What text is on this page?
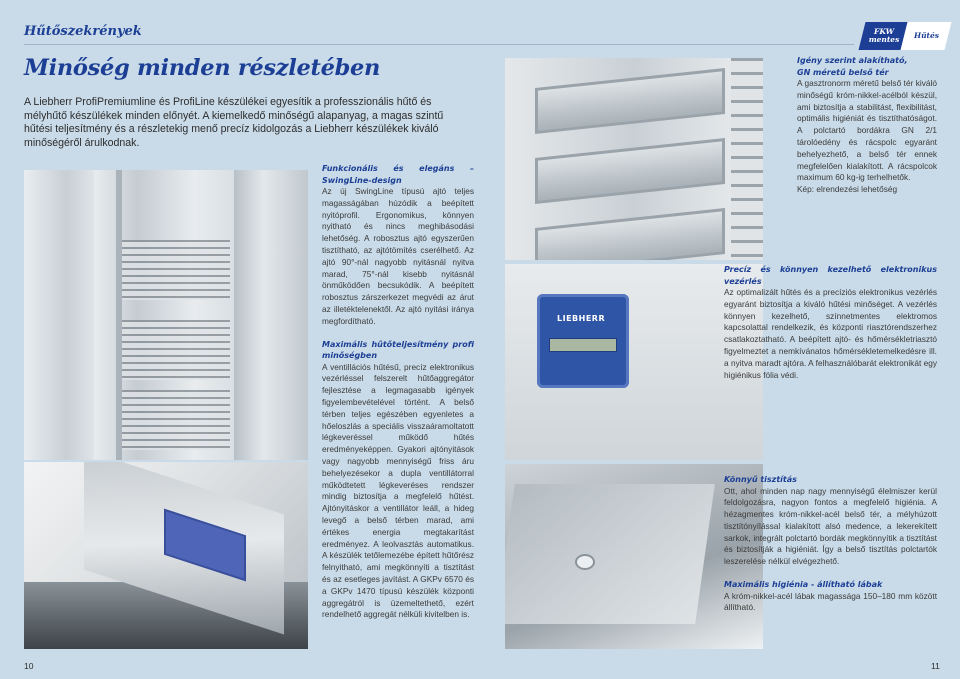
Hűtőszekrények	FKW mentes	Hűtés
Minőség minden részletében
A Liebherr ProfiPremiumline és ProfiLine készülékei egyesítik a professzionális hűtő és mélyhűtő készülékek minden előnyét. A kiemelkedő minőségű alapanyag, a magas szintű hűtési teljesítmény és a részletekig menő precíz kidolgozás a Liebherr készülékek kiváló minőségéről árulkodnak.
Funkcionális és elegáns – SwingLine-design

Az új SwingLine típusú ajtó teljes magasságában húzódik a beépített nyitóprofil. Ergonomikus, könnyen nyitható és nincs meghibásodási lehetőség. A robosztus ajtó egyszerűen tisztítható, az ajtótömítés cserélhető. Az ajtó 90°-nál nagyobb nyitásnál nyitva marad, 75°-nál kisebb nyitásnál önműködően becsukódik. A beépített robosztus zárszerkezet megvédi az árut az illetéktelenektől. Az ajtó nyitási iránya megfordítható.

Maximális hűtőteljesítmény profi minőségben

A ventillációs hűtésű, precíz elektronikus vezérléssel felszerelt hűtőaggregátor fejlesztése a legmagasabb igények figyelembevételével történt. A belső térben teljes egészében egyenletes a hőeloszlás a speciális visszaáramoltatott légkeveréssel működő hűtés eredményeképpen. Gyakori ajtónyitások vagy nagyobb mennyiségű friss áru behelyezésekor a dupla ventillátorral működtetett légkeveréses rendszer mindig biztosítja a megfelelő hűtést. Ajtónyitáskor a ventillátor leáll, a hideg levegő a belső térben marad, ami értékes energia megtakarítást eredményez. A leolvasztás automatikus. A készülék tetőlemezébe épített hűtőrész felnyitható, ami megkönnyíti a tisztítást és az esetleges javítást. A GKPv 6570 és a GKPv 1470 típusú készülék központi aggregátról is üzemeltethető, ezért rendelhető aggregát nélküli kivitelben is.

LIEBHERR
Igény szerint alakítható,
GN méretű belső tér

A gasztronorm méretű belső tér kiváló minőségű króm-nikkel-acélból készül, ami biztosítja a stabilitást, flexibilitást, optimális higiéniát és tisztíthatóságot. A polctartó bordákra GN 2/1 tárolóedény és rácspolc egyaránt behelyezhető, a belső tér ennek megfelelően kialakított. A rácspolcok maximum 60 kg-ig terhelhetők.

Kép: elrendezési lehetőség

Precíz és könnyen kezelhető elektronikus vezérlés

Az optimalizált hűtés és a precíziós elektronikus vezérlés egyaránt biztosítja a kiváló hűtési minőséget. A vezérlés könnyen kezelhető, színnetmentes elektromos kapcsolattal rendelkezik, és központi riasztórendszerhez csatlakoztatható. A beépített ajtó- és hőmérsékletriasztó figyelmeztet a nemkívánatos hőmérsékletemelkedésre ill. a nyitva maradt ajtóra. A felhasználóbarát elektronikát egy higiénikus fólia védi.

Könnyű tisztítás

Ott, ahol minden nap nagy mennyiségű élelmiszer kerül feldolgozásra, nagyon fontos a megfelelő higiénia. A hézagmentes króm-nikkel-acél belső tér, a mélyhúzott tisztítónyílással kialakított alsó medence, a lekerekített sarkok, integrált polctartó bordák megkönnyítik a tisztítást és biztosítják a higiéniát. Így a belső tisztítás polctartók leszerelése nélkül elvégezhető.

Maximális higiénia - állítható lábak

A króm-nikkel-acél lábak magassága 150–180 mm között állítható.

10	11
